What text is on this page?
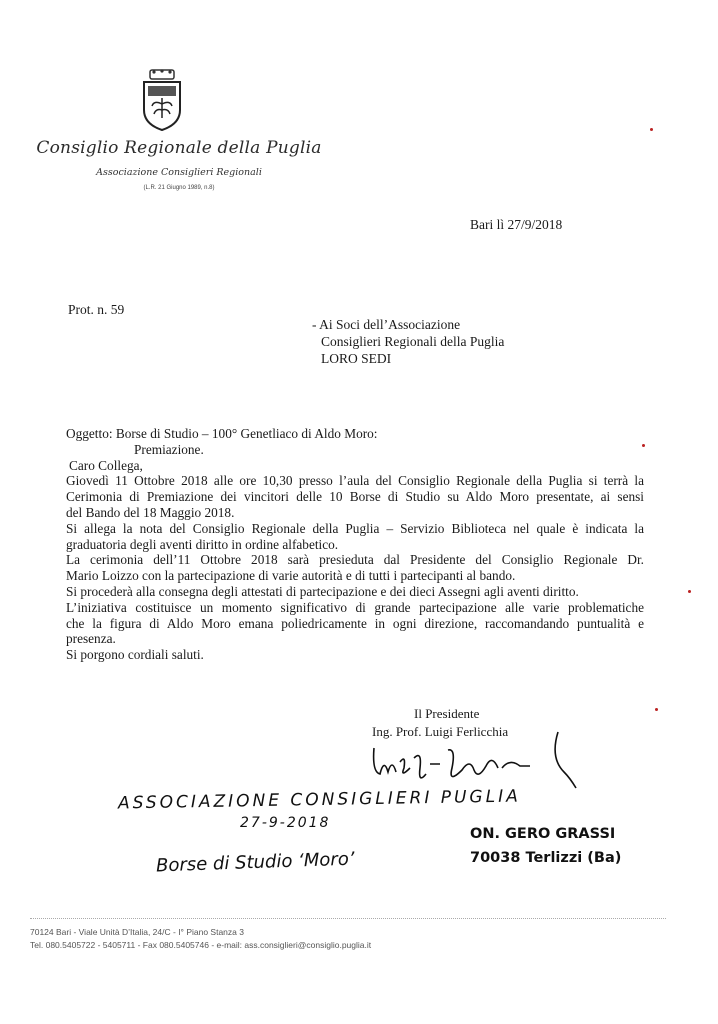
Consiglio Regionale della Puglia
Associazione Consiglieri Regionali
(L.R. 21 Giugno 1989, n.8)
Bari lì 27/9/2018
Prot. n. 59
- Ai Soci dell’Associazione
Consiglieri Regionali della Puglia
LORO SEDI
Oggetto: Borse di Studio – 100° Genetliaco di Aldo Moro:
Premiazione.
Caro Collega,
Giovedì 11 Ottobre 2018 alle ore 10,30 presso l’aula del Consiglio Regionale della Puglia si terrà la
Cerimonia di Premiazione dei vincitori delle 10 Borse di Studio su Aldo Moro presentate, ai sensi
del Bando del 18 Maggio 2018.
Si allega la nota del Consiglio Regionale della Puglia – Servizio Biblioteca nel quale è indicata la
graduatoria degli aventi diritto in ordine alfabetico.
La cerimonia dell’11 Ottobre 2018 sarà presieduta dal Presidente del Consiglio Regionale Dr.
Mario Loizzo con la partecipazione di varie autorità e di tutti i partecipanti al bando.
Si procederà alla consegna degli attestati di partecipazione e dei dieci Assegni agli aventi diritto.
L’iniziativa costituisce un momento significativo di grande partecipazione alle varie problematiche
che la figura di Aldo Moro emana poliedricamente in ogni direzione, raccomandando puntualità e
presenza.
Si porgono cordiali saluti.
Il Presidente
Ing. Prof. Luigi Ferlicchia
ASSOCIAZIONE CONSIGLIERI PUGLIA
27-9-2018
Borse di Studio ‘Moro’
ON. GERO GRASSI
70038 Terlizzi (Ba)
70124 Bari - Viale Unità D’Italia, 24/C - I° Piano Stanza 3
Tel. 080.5405722 - 5405711 - Fax 080.5405746 - e-mail: ass.consiglieri@consiglio.puglia.it
